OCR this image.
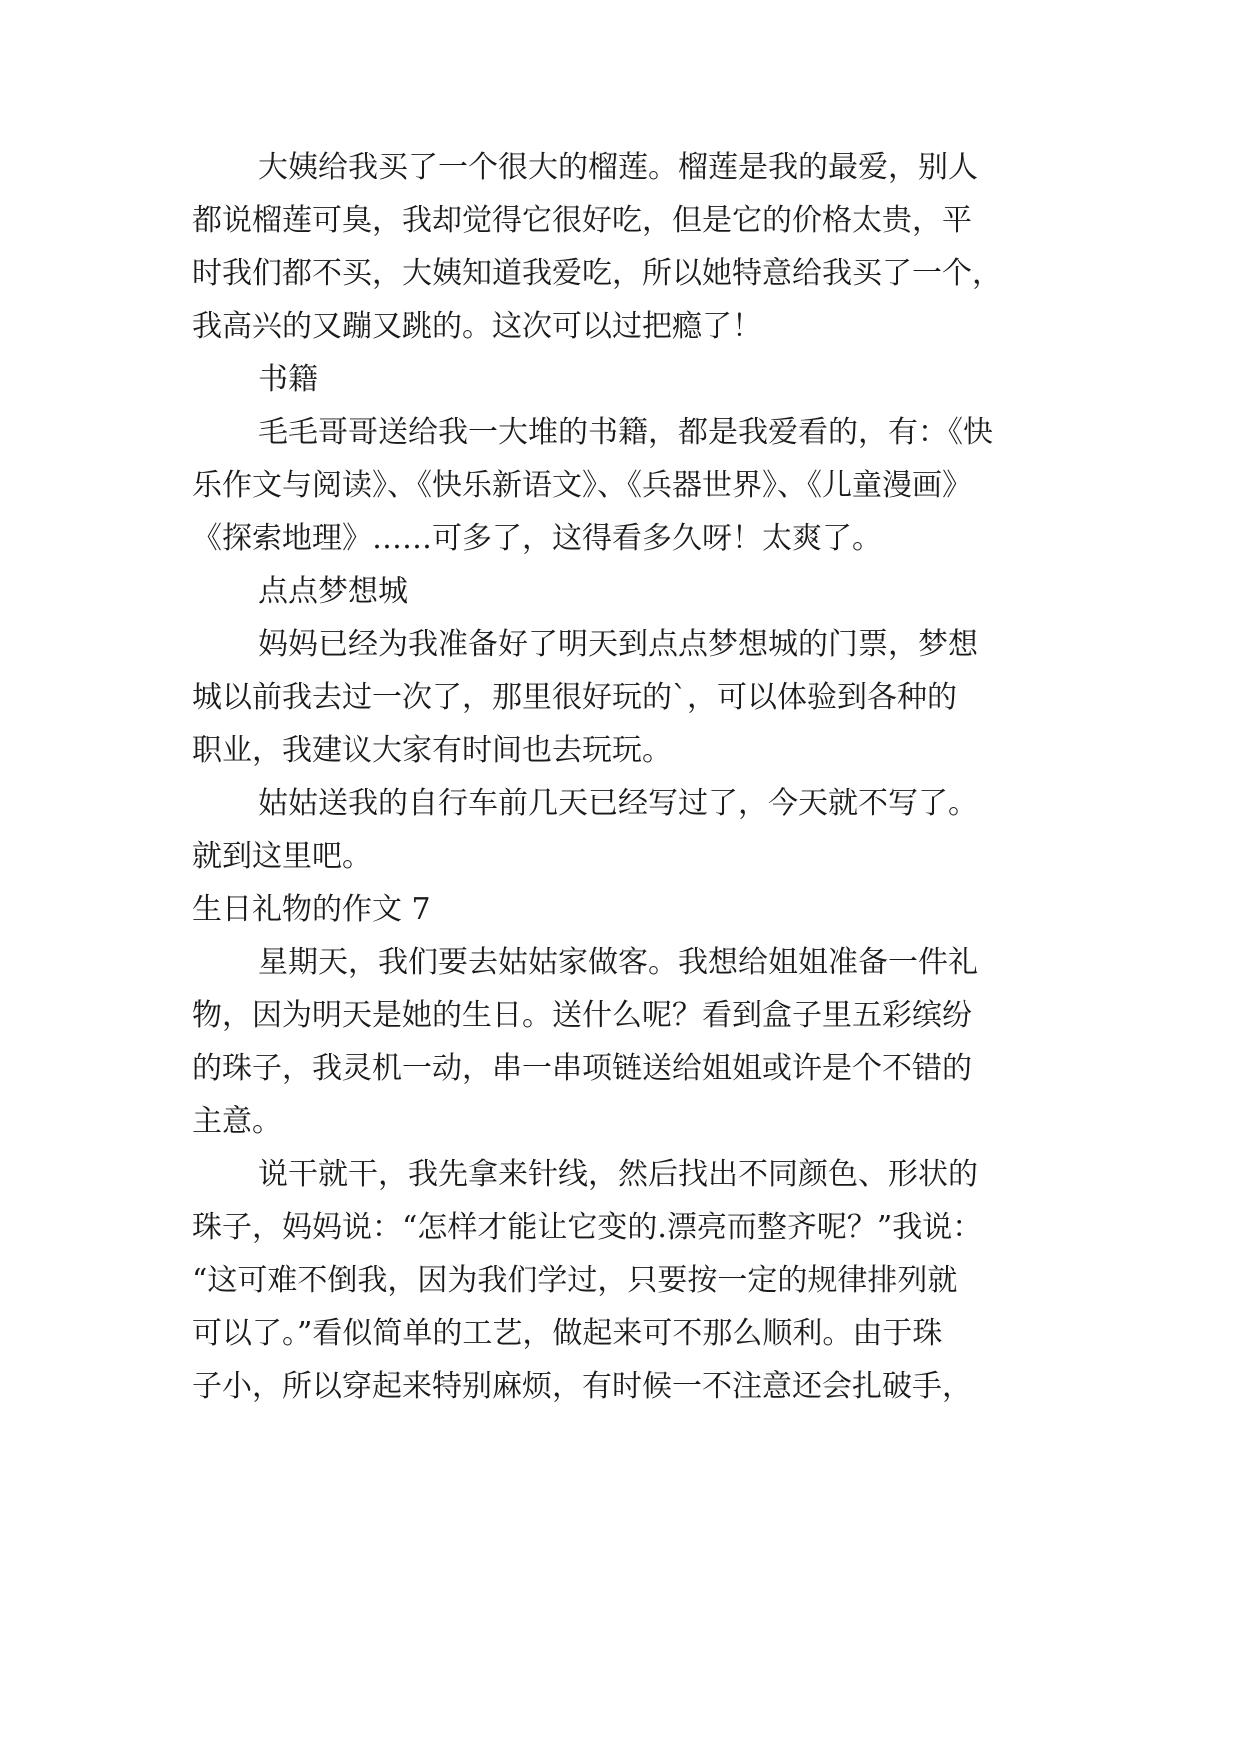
大姨给我买了一个很大的榴莲。榴莲是我的最爱，别人
都说榴莲可臭，我却觉得它很好吃，但是它的价格太贵，平
时我们都不买，大姨知道我爱吃，所以她特意给我买了一个，
我高兴的又蹦又跳的。这次可以过把瘾了！
书籍
毛毛哥哥送给我一大堆的书籍，都是我爱看的，有：《快
乐作文与阅读》、《快乐新语文》、《兵器世界》、《儿童漫画》
《探索地理》……可多了，这得看多久呀！太爽了。
点点梦想城
妈妈已经为我准备好了明天到点点梦想城的门票，梦想
城以前我去过一次了，那里很好玩的`，可以体验到各种的
职业，我建议大家有时间也去玩玩。
姑姑送我的自行车前几天已经写过了，今天就不写了。
就到这里吧。
生日礼物的作文 7
星期天，我们要去姑姑家做客。我想给姐姐准备一件礼
物，因为明天是她的生日。送什么呢？看到盒子里五彩缤纷
的珠子，我灵机一动，串一串项链送给姐姐或许是个不错的
主意。
说干就干，我先拿来针线，然后找出不同颜色、形状的
珠子，妈妈说：“怎样才能让它变的.漂亮而整齐呢？”我说：
“这可难不倒我，因为我们学过，只要按一定的规律排列就
可以了。”看似简单的工艺，做起来可不那么顺利。由于珠
子小，所以穿起来特别麻烦，有时候一不注意还会扎破手，
